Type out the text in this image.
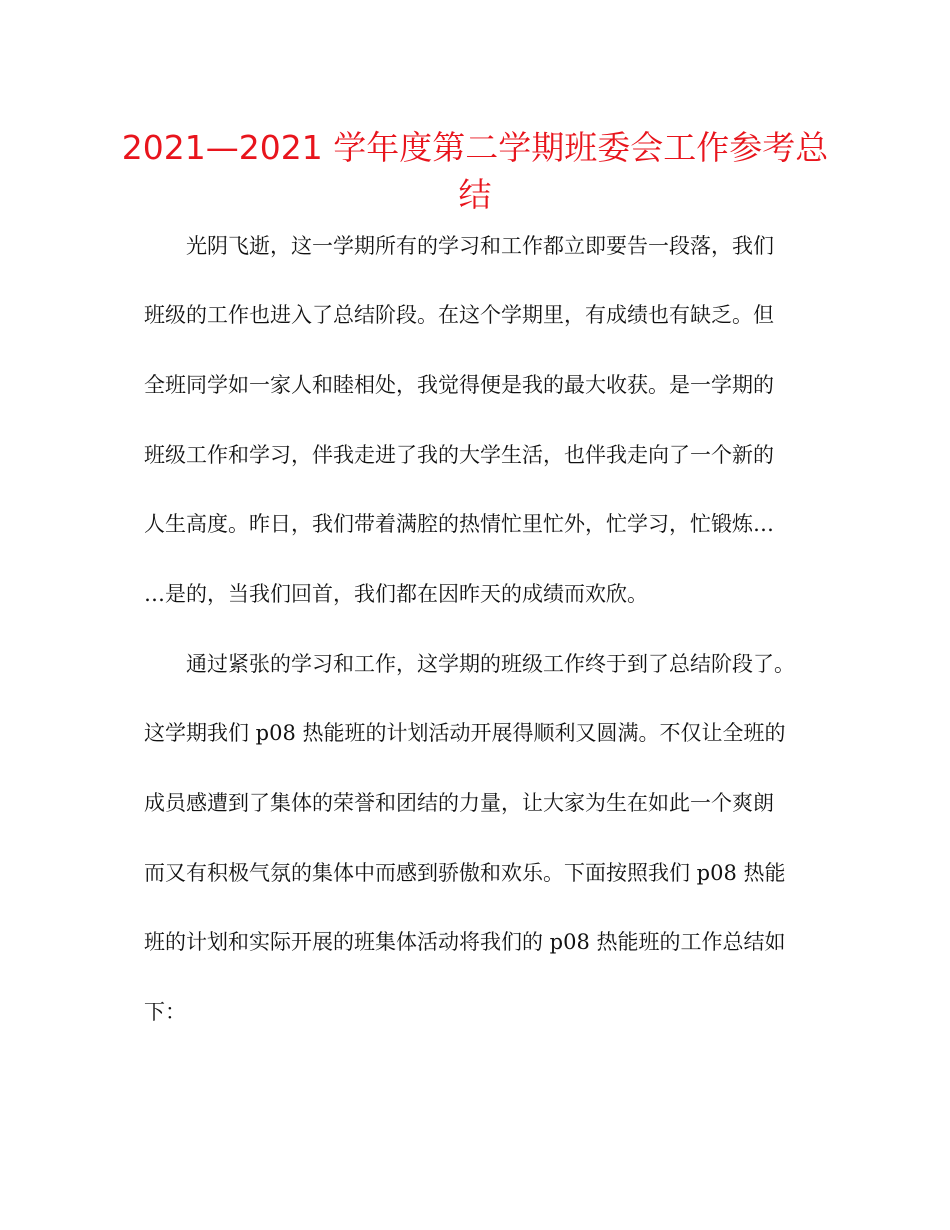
2021—2021 学年度第二学期班委会工作参考总
结
光阴飞逝，这一学期所有的学习和工作都立即要告一段落，我们
班级的工作也进入了总结阶段。在这个学期里，有成绩也有缺乏。但
全班同学如一家人和睦相处，我觉得便是我的最大收获。是一学期的
班级工作和学习，伴我走进了我的大学生活，也伴我走向了一个新的
人生高度。昨日，我们带着满腔的热情忙里忙外，忙学习，忙锻炼…
…是的，当我们回首，我们都在因昨天的成绩而欢欣。
通过紧张的学习和工作，这学期的班级工作终于到了总结阶段了。
这学期我们 p08 热能班的计划活动开展得顺利又圆满。不仅让全班的
成员感遭到了集体的荣誉和团结的力量，让大家为生在如此一个爽朗
而又有积极气氛的集体中而感到骄傲和欢乐。下面按照我们 p08 热能
班的计划和实际开展的班集体活动将我们的 p08 热能班的工作总结如
下：
